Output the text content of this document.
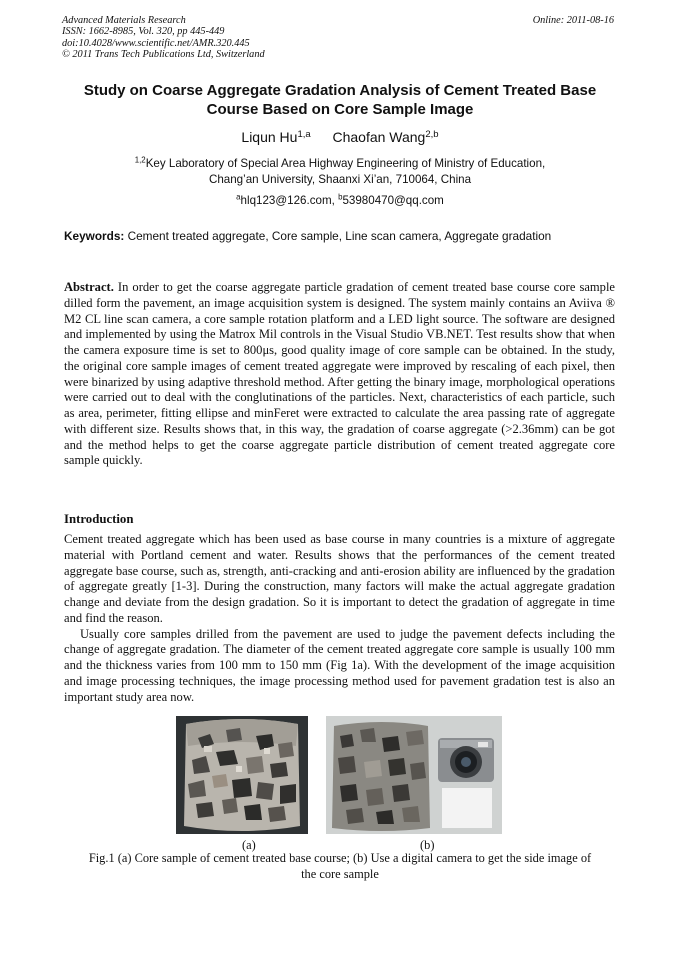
Advanced Materials Research
ISSN: 1662-8985, Vol. 320, pp 445-449
doi:10.4028/www.scientific.net/AMR.320.445
© 2011 Trans Tech Publications Ltd, Switzerland
Online: 2011-08-16
Study on Coarse Aggregate Gradation Analysis of Cement Treated Base
Course Based on Core Sample Image
Liqun Hu$^{1,a}$ Chaofan Wang$^{2,b}$
$^{1,2}$Key Laboratory of Special Area Highway Engineering of Ministry of Education,
Chang’an University, Shaanxi Xi’an, 710064, China
$^a$hlq123@126.com, $^b$53980470@qq.com
Keywords: Cement treated aggregate, Core sample, Line scan camera, Aggregate gradation
Abstract. In order to get the coarse aggregate particle gradation of cement treated base course core sample dilled form the pavement, an image acquisition system is designed. The system mainly contains an Aviiva ® M2 CL line scan camera, a core sample rotation platform and a LED light source. The software are designed and implemented by using the Matrox Mil controls in the Visual Studio VB.NET. Test results show that when the camera exposure time is set to 800μs, good quality image of core sample can be obtained. In the study, the original core sample images of cement treated aggregate were improved by rescaling of each pixel, then were binarized by using adaptive threshold method. After getting the binary image, morphological operations were carried out to deal with the conglutinations of the particles. Next, characteristics of each particle, such as area, perimeter, fitting ellipse and minFeret were extracted to calculate the area passing rate of aggregate with different size. Results shows that, in this way, the gradation of coarse aggregate (>2.36mm) can be got and the method helps to get the coarse aggregate particle distribution of cement treated aggregate core sample quickly.
Introduction
Cement treated aggregate which has been used as base course in many countries is a mixture of aggregate material with Portland cement and water. Results shows that the performances of the cement treated aggregate base course, such as, strength, anti-cracking and anti-erosion ability are influenced by the gradation of aggregate greatly [1-3]. During the construction, many factors will make the actual aggregate gradation change and deviate from the design gradation. So it is important to detect the gradation of aggregate in time and find the reason.
Usually core samples drilled from the pavement are used to judge the pavement defects including the change of aggregate gradation. The diameter of the cement treated aggregate core sample is usually 100 mm and the thickness varies from 100 mm to 150 mm (Fig 1a). With the development of the image acquisition and image processing techniques, the image processing method used for pavement gradation test is also an important study area now.
(a)	(b)
Fig.1 (a) Core sample of cement treated base course; (b) Use a digital camera to get the side image of
the core sample
